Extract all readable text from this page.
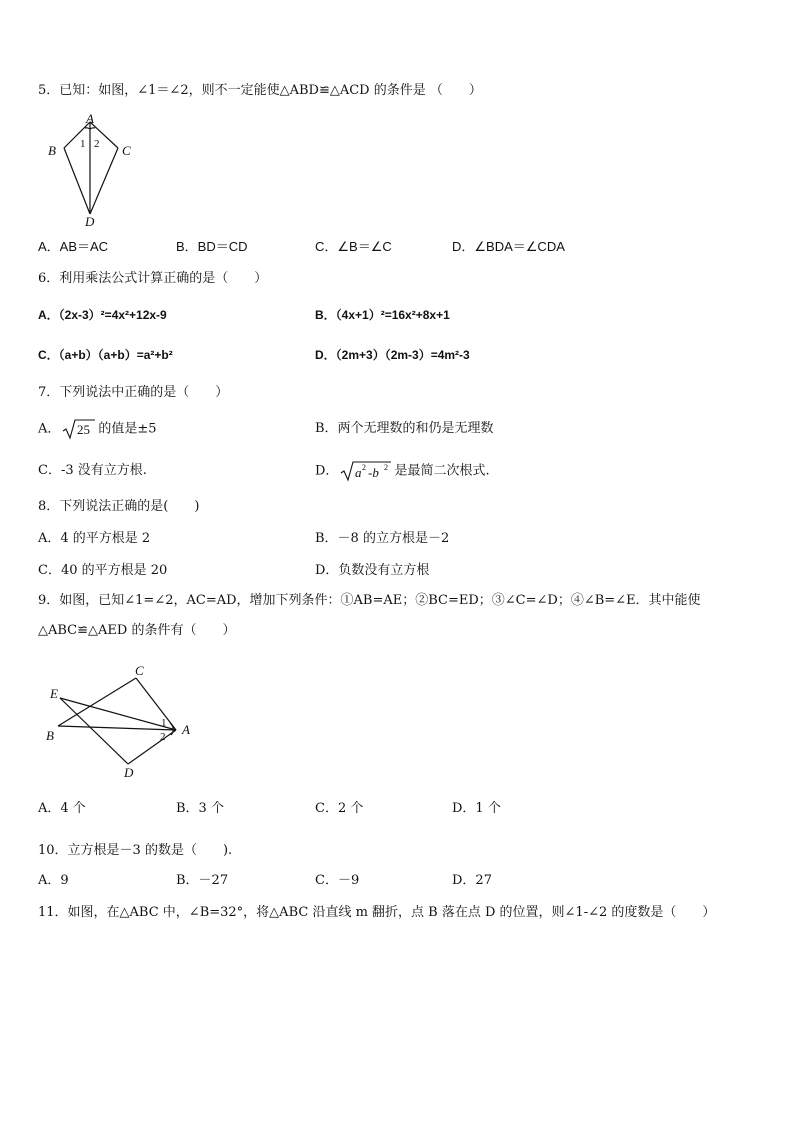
5．已知：如图，∠1＝∠2，则不一定能使△ABD≌△ACD 的条件是 （　　）
A
B	C
D
1 2
A．AB＝AC	B．BD＝CD	C．∠B＝∠C	D．∠BDA＝∠CDA
6．利用乘法公式计算正确的是（　　）
A．（2x-3）²=4x²+12x-9	B．（4x+1）²=16x²+8x+1
C．（a+b）（a+b）=a²+b²	D．（2m+3）（2m-3）=4m²-3
7．下列说法中正确的是（　　）
A． 25 的值是±5	B．两个无理数的和仍是无理数
C．-3 没有立方根.	D． a 2 -b 2 是最简二次根式.
8．下列说法正确的是(　　)
A．4 的平方根是 2	B．－8 的立方根是－2
C．40 的平方根是 20	D．负数没有立方根
9．如图，已知∠1=∠2，AC=AD，增加下列条件：①AB=AE；②BC=ED；③∠C=∠D；④∠B=∠E．其中能使
△ABC≌△AED 的条件有（　　）
C
E
B	A
D
1
2
A．4 个	B．3 个	C．2 个	D．1 个
10．立方根是－3 的数是（　　).
A．9	B．－27	C．－9	D．27
11．如图，在△ABC 中，∠B=32°，将△ABC 沿直线 m 翻折，点 B 落在点 D 的位置，则∠1-∠2 的度数是（　　）
